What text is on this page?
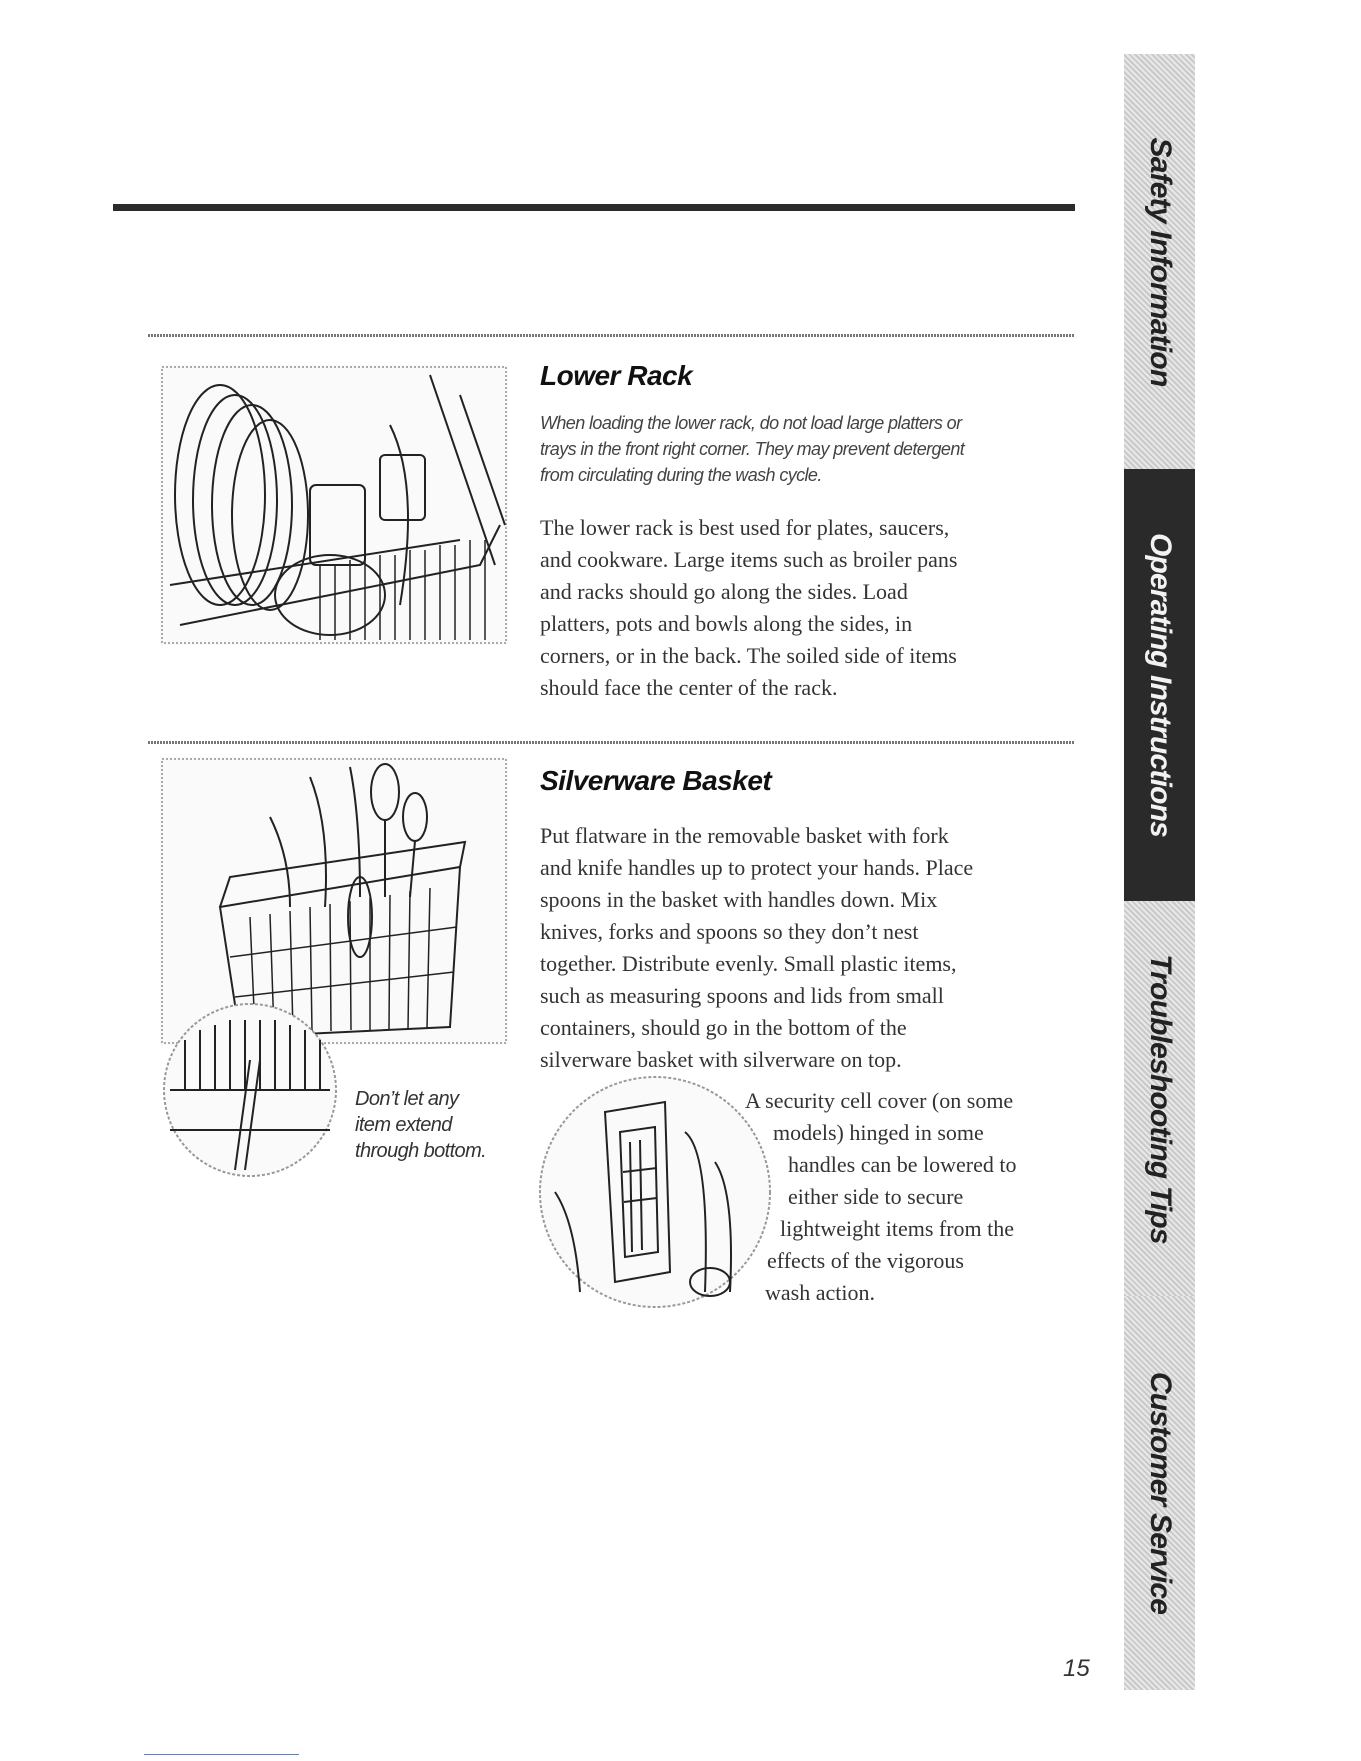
Lower Rack
When loading the lower rack, do not load large platters or
trays in the front right corner. They may prevent detergent
from circulating during the wash cycle.
The lower rack is best used for plates, saucers,
and cookware. Large items such as broiler pans
and racks should go along the sides. Load
platters, pots and bowls along the sides, in
corners, or in the back. The soiled side of items
should face the center of the rack.
Don’t let any
item extend
through bottom.
Silverware Basket
Put flatware in the removable basket with fork
and knife handles up to protect your hands. Place
spoons in the basket with handles down. Mix
knives, forks and spoons so they don’t nest
together. Distribute evenly. Small plastic items,
such as measuring spoons and lids from small
containers, should go in the bottom of the
silverware basket with silverware on top.
A security cell cover (on some
models) hinged in some
handles can be lowered to
either side to secure
lightweight items from the
effects of the vigorous
wash action.
Safety Information
Operating Instructions
Troubleshooting Tips
Customer Service
15
